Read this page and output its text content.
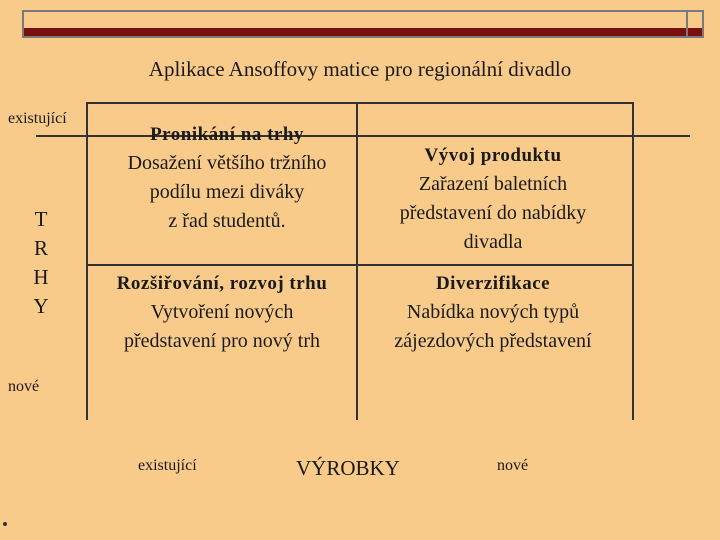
Aplikace Ansoffovy matice pro regionální divadlo
existující
T
R
H
Y
nové
Pronikání na trhy
Dosažení většího tržního
podílu mezi diváky
z řad studentů.
Vývoj produktu
Zařazení baletních
představení do nabídky
divadla
Rozšiřování, rozvoj trhu
Vytvoření nových
představení pro nový trh
Diverzifikace
Nabídka nových typů
zájezdových představení
existující	VÝROBKY	nové
